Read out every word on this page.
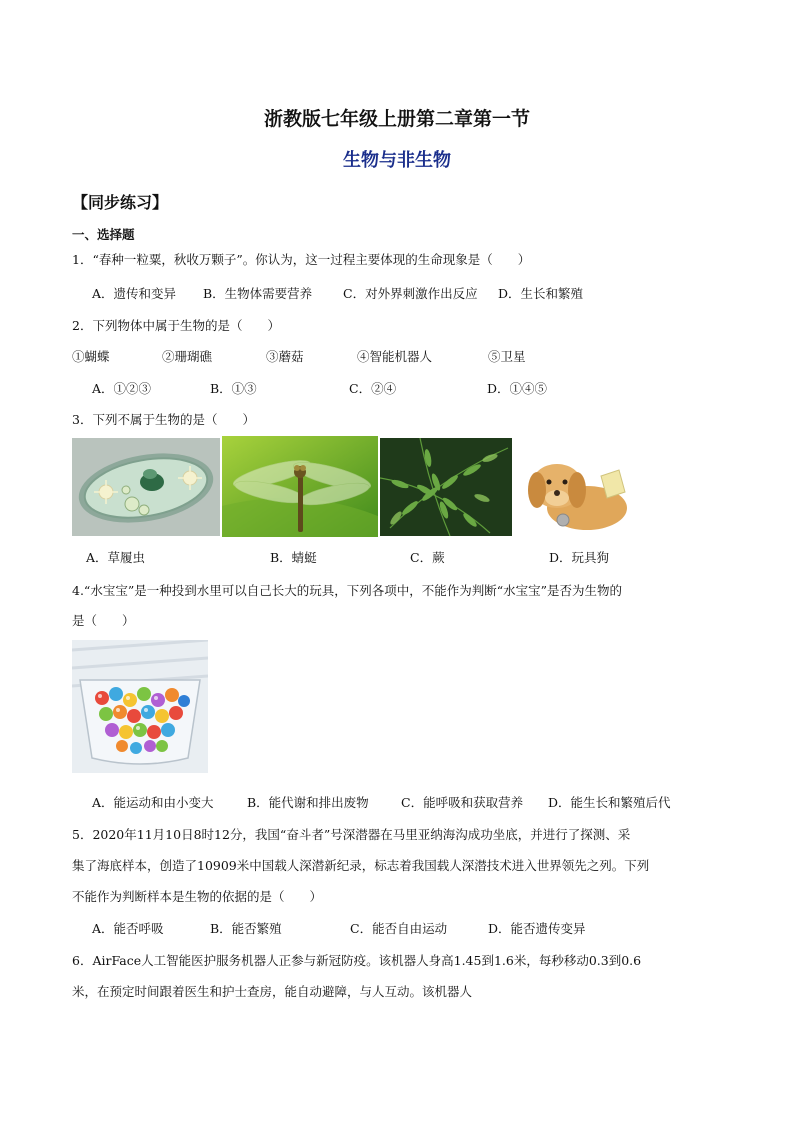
浙教版七年级上册第二章第一节
生物与非生物
【同步练习】
一、选择题
1．“春种一粒粟，秋收万颗子”。你认为，这一过程主要体现的生命现象是（　　）
A．遗传和变异 B．生物体需要营养 C．对外界刺激作出反应 D．生长和繁殖
2．下列物体中属于生物的是（　　）
①蝴蝶	②珊瑚礁	③蘑菇	④智能机器人	⑤卫星
A．①②③	B．①③	C．②④	D．①④⑤
3．下列不属于生物的是（　　）
A．草履虫	B．蜻蜓	C．蕨	D．玩具狗
4.“水宝宝”是一种投到水里可以自己长大的玩具，下列各项中，不能作为判断“水宝宝”是否为生物的
是（　　）
A．能运动和由小变大	B．能代谢和排出废物	C．能呼吸和获取营养 D．能生长和繁殖后代
5．2020年11月10日8时12分，我国“奋斗者”号深潜器在马里亚纳海沟成功坐底，并进行了探测、采
集了海底样本，创造了10909米中国载人深潜新纪录，标志着我国载人深潜技术进入世界领先之列。下列
不能作为判断样本是生物的依据的是（　　）
A．能否呼吸	B．能否繁殖	C．能否自由运动	D．能否遗传变异
6．AirFace人工智能医护服务机器人正参与新冠防疫。该机器人身高1.45到1.6米，每秒移动0.3到0.6
米，在预定时间跟着医生和护士查房，能自动避障，与人互动。该机器人
